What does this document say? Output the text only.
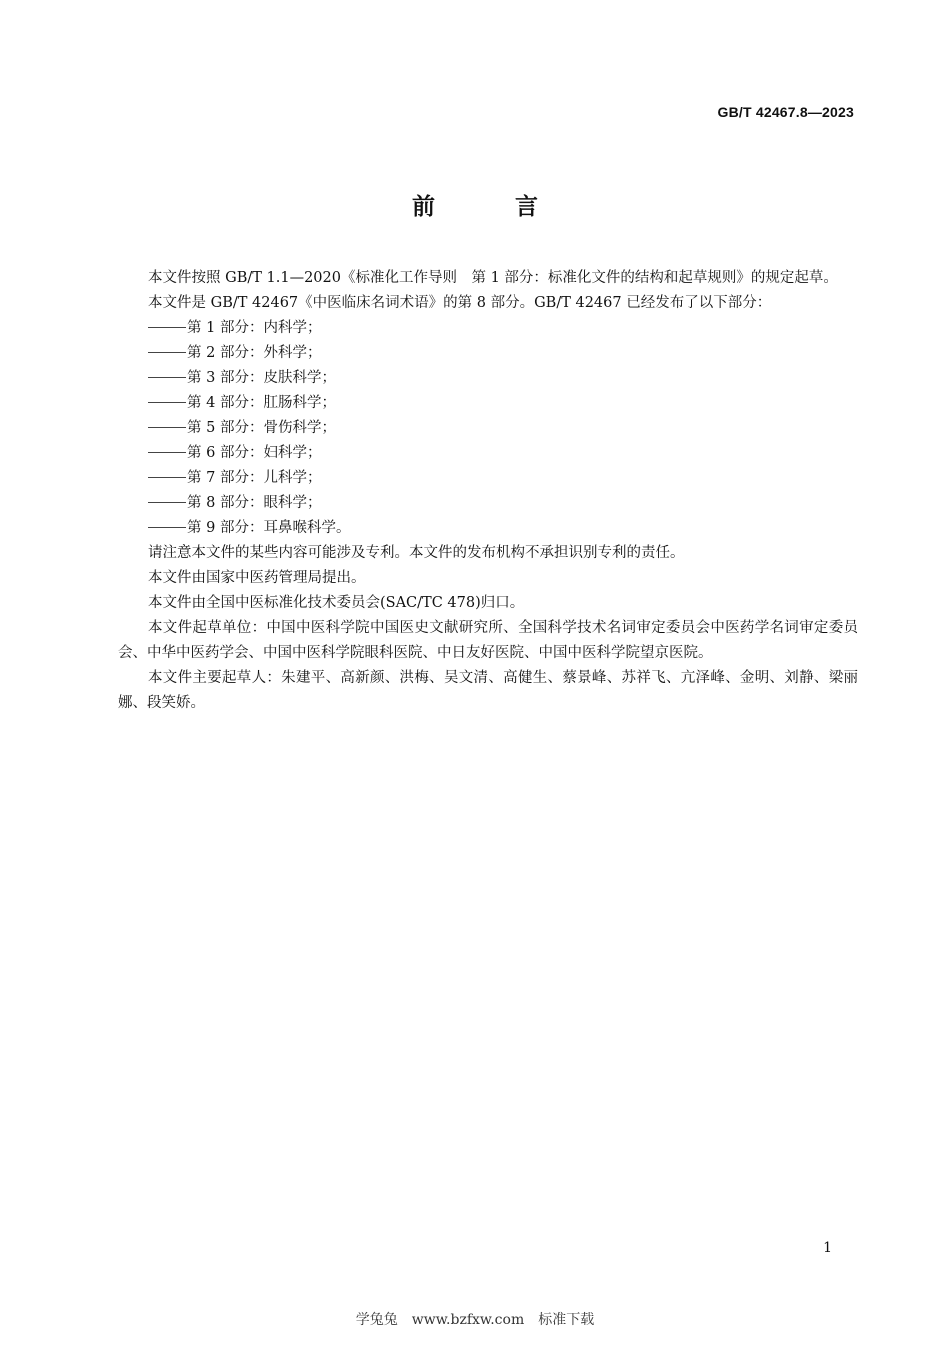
GB/T 42467.8—2023
前 言

本文件按照 GB/T 1.1—2020《标准化工作导则　第 1 部分：标准化文件的结构和起草规则》的规定起草。

本文件是 GB/T 42467《中医临床名词术语》的第 8 部分。GB/T 42467 已经发布了以下部分：

第 1 部分：内科学；
第 2 部分：外科学；
第 3 部分：皮肤科学；
第 4 部分：肛肠科学；
第 5 部分：骨伤科学；
第 6 部分：妇科学；
第 7 部分：儿科学；
第 8 部分：眼科学；
第 9 部分：耳鼻喉科学。

请注意本文件的某些内容可能涉及专利。本文件的发布机构不承担识别专利的责任。

本文件由国家中医药管理局提出。

本文件由全国中医标准化技术委员会(SAC/TC 478)归口。

本文件起草单位：中国中医科学院中国医史文献研究所、全国科学技术名词审定委员会中医药学名词审定委员会、中华中医药学会、中国中医科学院眼科医院、中日友好医院、中国中医科学院望京医院。

本文件主要起草人：朱建平、高新颜、洪梅、吴文清、高健生、蔡景峰、苏祥飞、亢泽峰、金明、刘静、梁丽娜、段笑娇。

1
学兔兔　www.bzfxw.com　标准下载
